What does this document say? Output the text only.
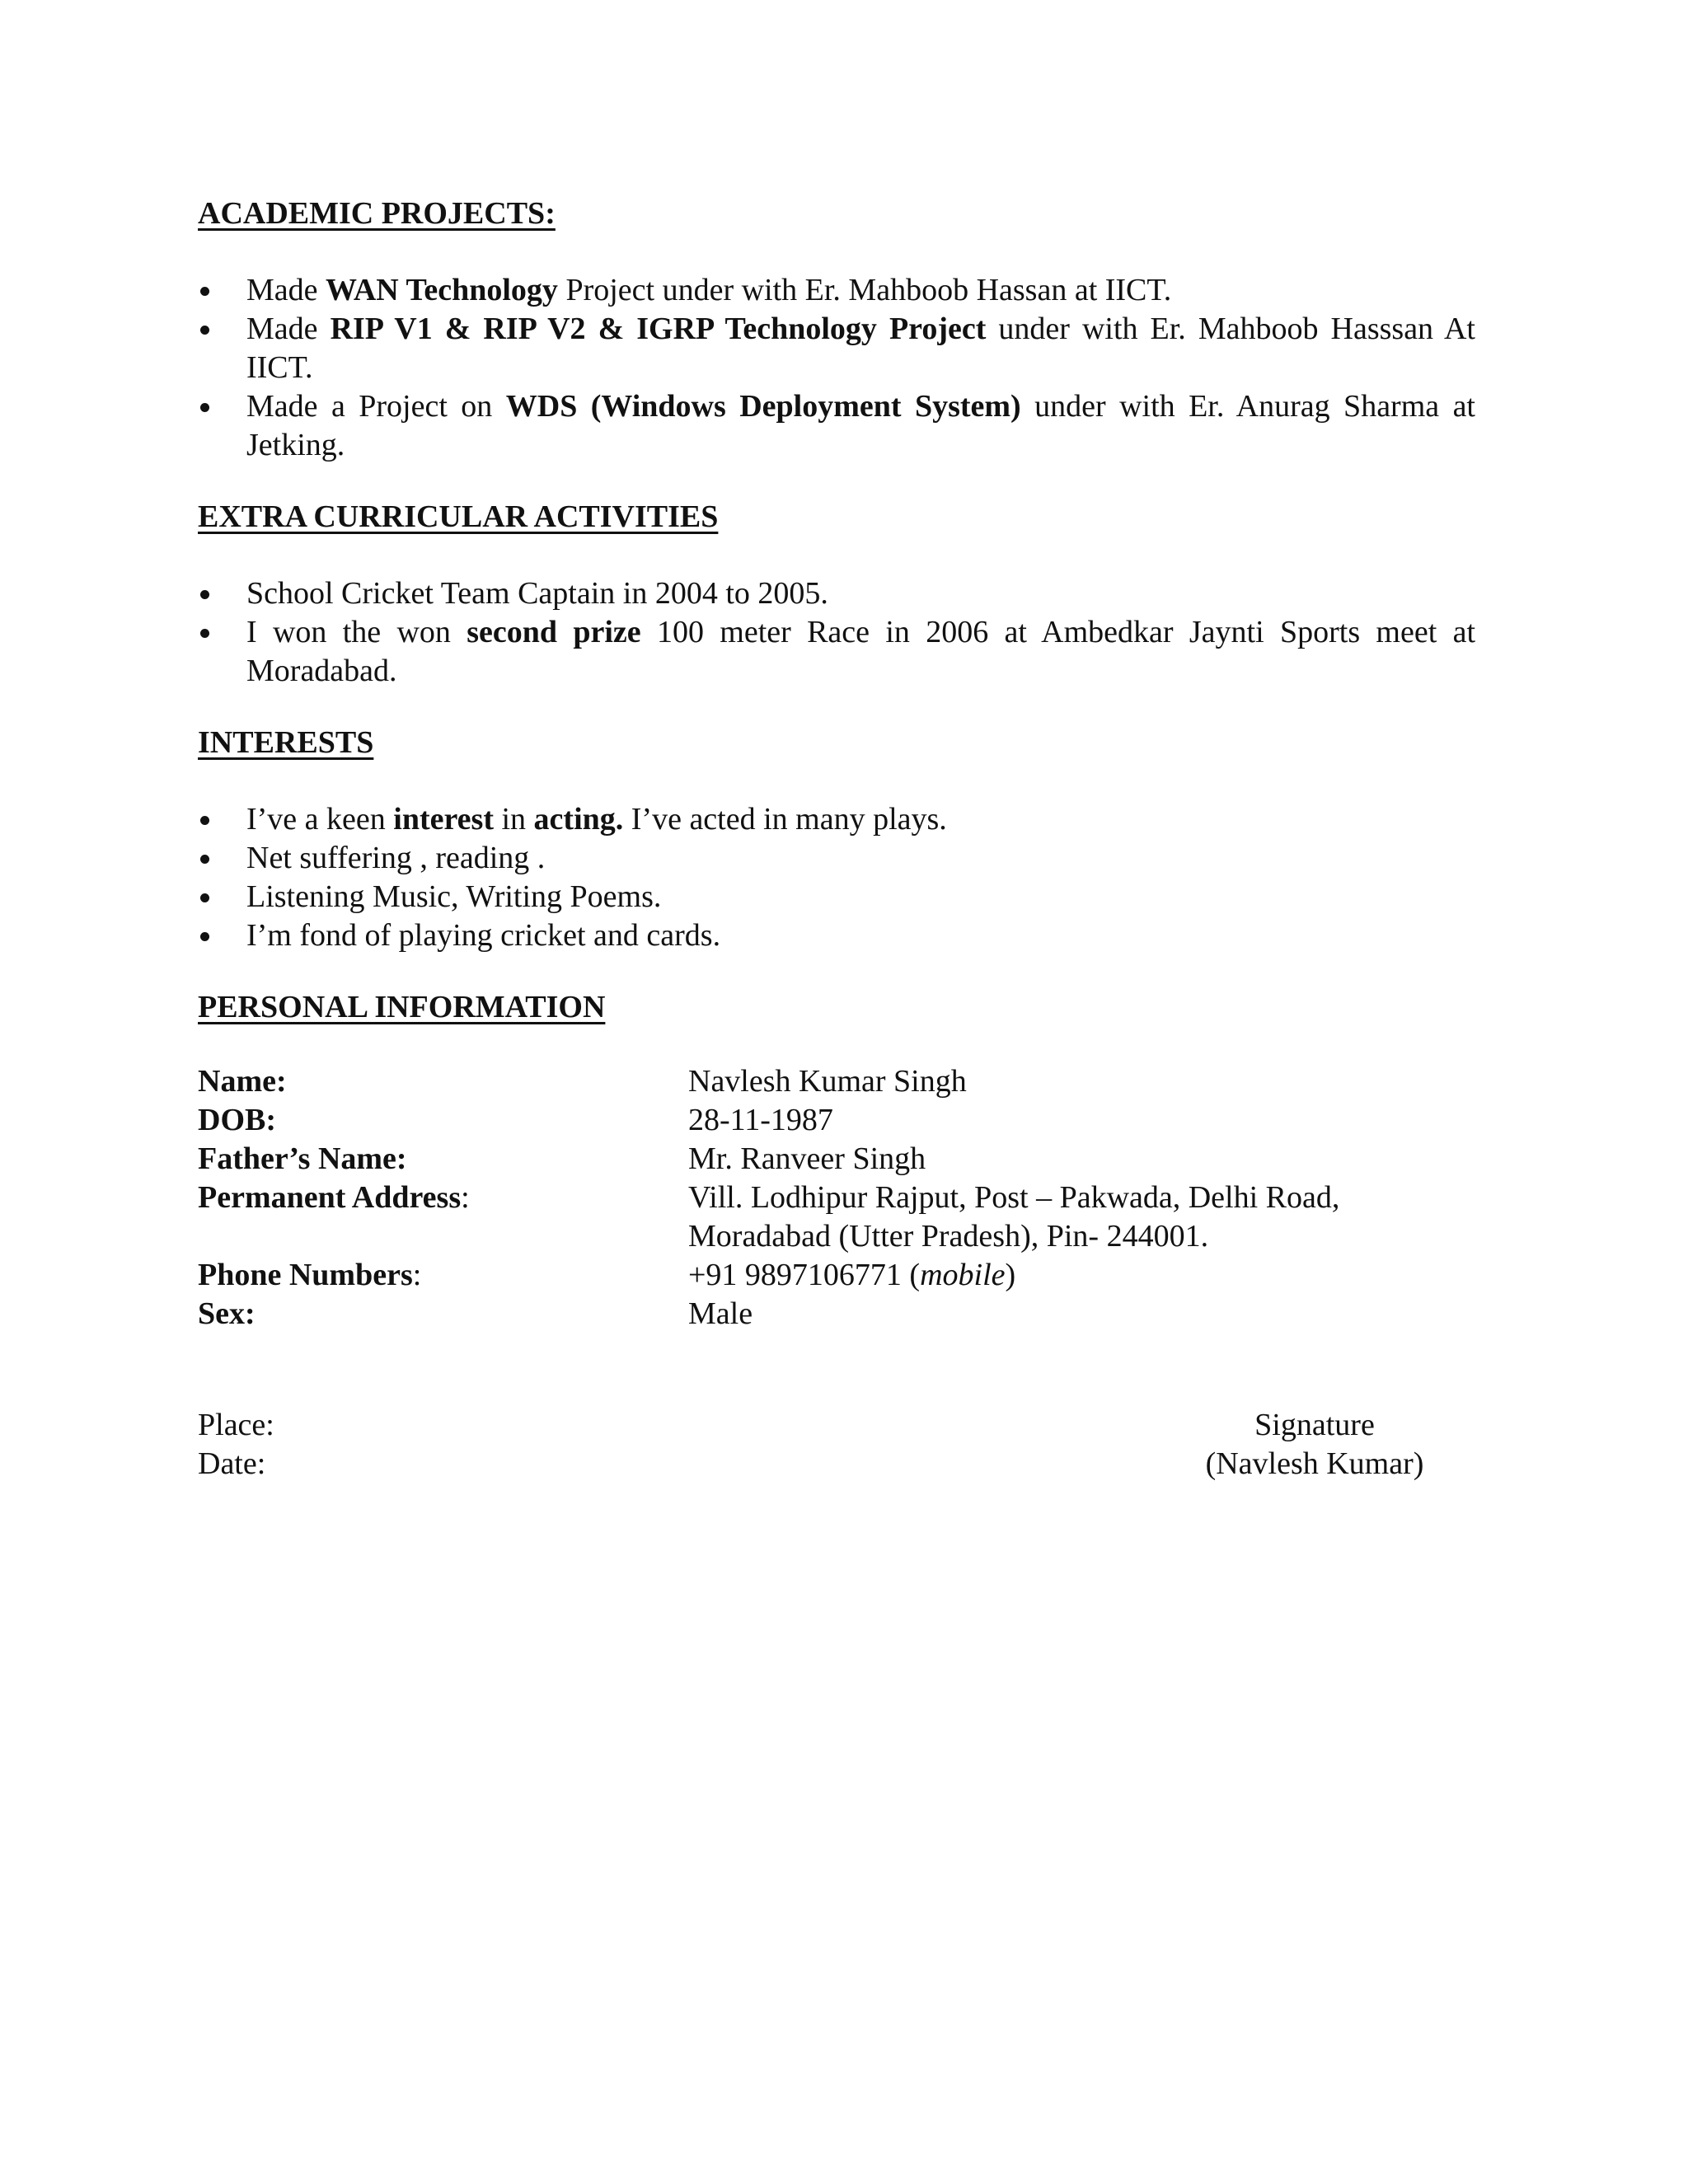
ACADEMIC PROJECTS:
Made WAN Technology Project under with Er. Mahboob Hassan at IICT.
Made RIP V1 & RIP V2 & IGRP Technology Project under with Er. Mahboob Hasssan At IICT.
Made a Project on WDS (Windows Deployment System) under with Er. Anurag Sharma at Jetking.
EXTRA CURRICULAR ACTIVITIES
School Cricket Team Captain in 2004 to 2005.
I won the won second prize 100 meter Race in 2006 at Ambedkar Jaynti Sports meet at Moradabad.
INTERESTS
I’ve a keen interest in acting. I’ve acted in many plays.
Net suffering , reading .
Listening Music, Writing Poems.
I’m fond of playing cricket and cards.
PERSONAL INFORMATION
Name:	Navlesh Kumar Singh
DOB:	28-11-1987
Father’s Name:	Mr. Ranveer Singh
Permanent Address:	Vill. Lodhipur Rajput, Post – Pakwada, Delhi Road,
Moradabad (Utter Pradesh), Pin- 244001.
Phone Numbers:	+91 9897106771 (mobile)
Sex:	Male
Place:
Date:
Signature
(Navlesh Kumar)
